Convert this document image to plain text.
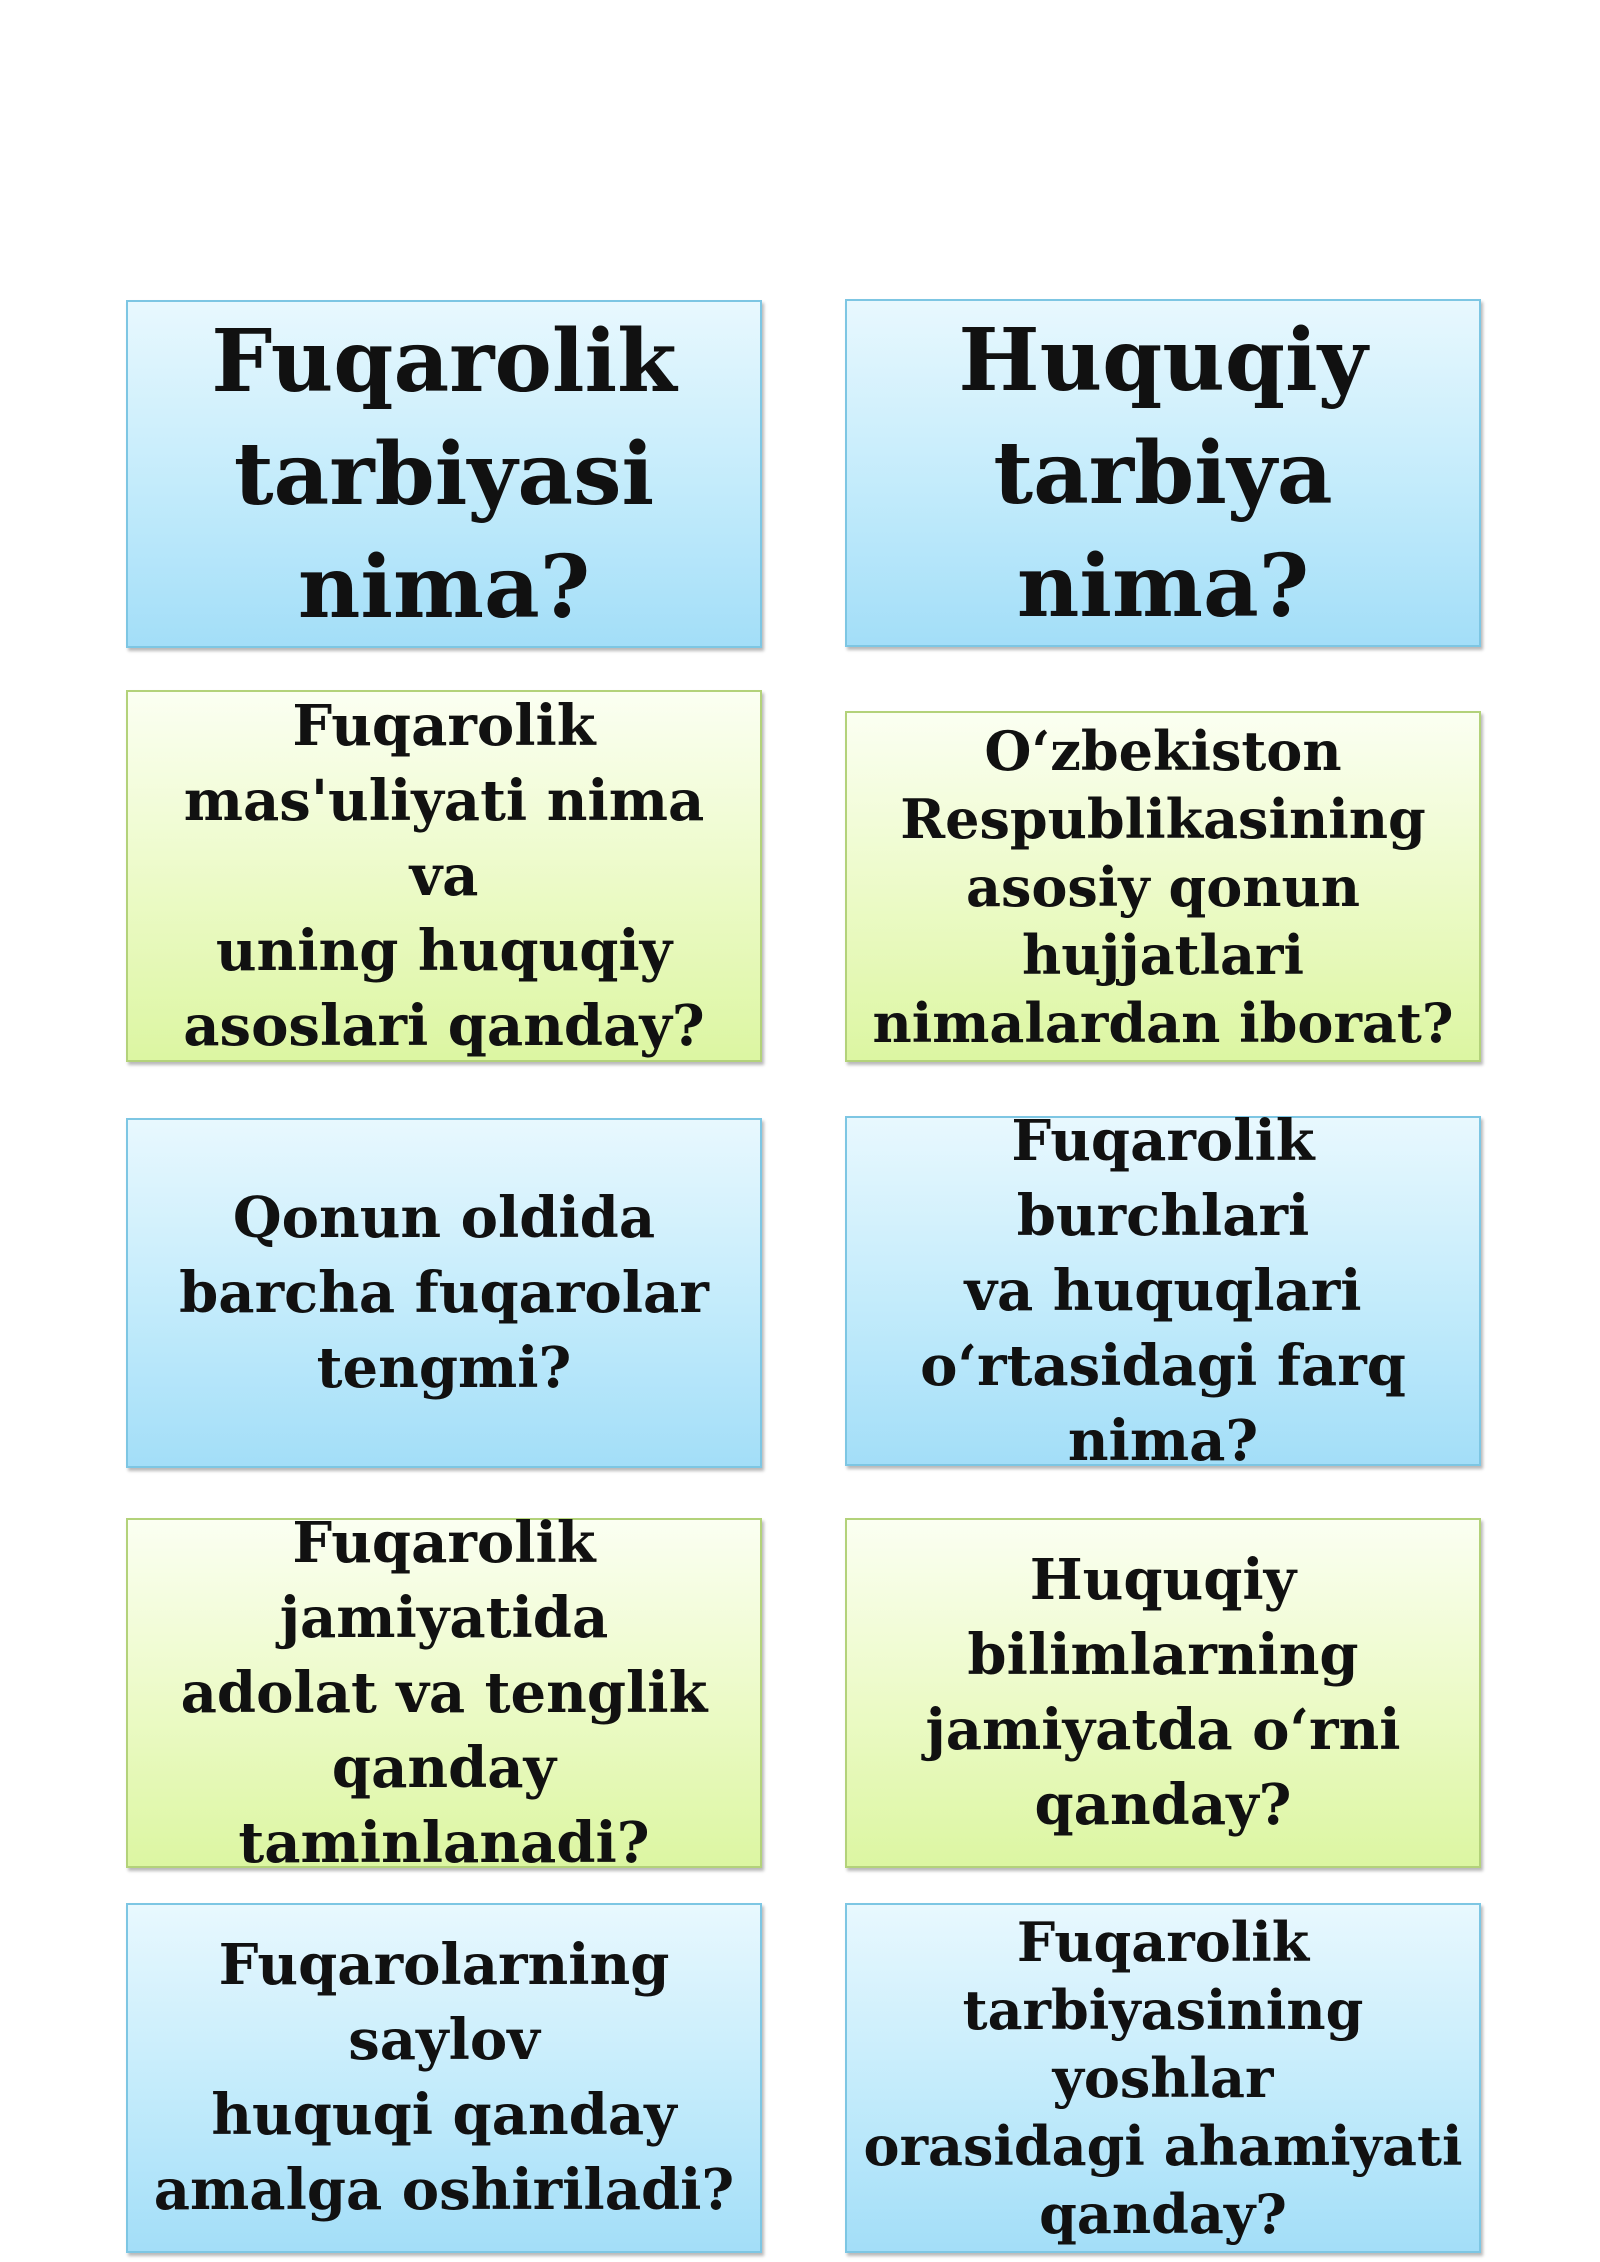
Fuqarolik
tarbiyasi
nima?
Huquqiy
tarbiya nima?
Fuqarolik
mas'uliyati nima va
uning huquqiy
asoslari qanday?
O‘zbekiston
Respublikasining
asosiy qonun hujjatlari
nimalardan iborat?
Qonun oldida
barcha fuqarolar
tengmi?
Fuqarolik burchlari
va huquqlari
o‘rtasidagi farq
nima?
Fuqarolik jamiyatida
adolat va tenglik
qanday taminlanadi?
Huquqiy
bilimlarning
jamiyatda o‘rni
qanday?
Fuqarolarning saylov
huquqi qanday
amalga oshiriladi?
Fuqarolik
tarbiyasining yoshlar
orasidagi ahamiyati
qanday?
